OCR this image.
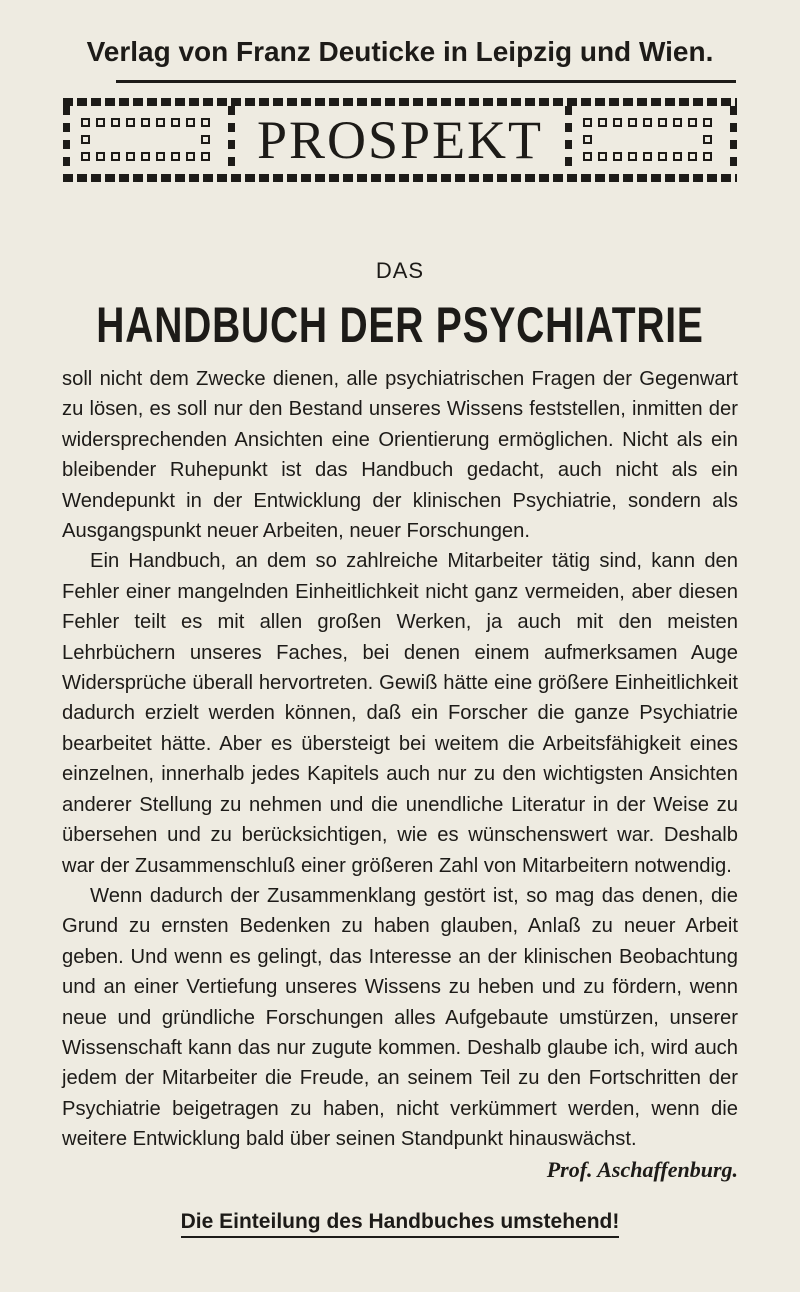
Verlag von Franz Deuticke in Leipzig und Wien.
PROSPEKT
DAS
HANDBUCH DER PSYCHIATRIE

soll nicht dem Zwecke dienen, alle psychiatrischen Fragen der Gegenwart zu lösen, es soll nur den Bestand unseres Wissens feststellen, inmitten der widersprechenden Ansichten eine Orientierung ermöglichen. Nicht als ein bleibender Ruhepunkt ist das Handbuch gedacht, auch nicht als ein Wendepunkt in der Entwicklung der klinischen Psychiatrie, sondern als Ausgangspunkt neuer Arbeiten, neuer Forschungen.

Ein Handbuch, an dem so zahlreiche Mitarbeiter tätig sind, kann den Fehler einer mangelnden Einheitlichkeit nicht ganz vermeiden, aber diesen Fehler teilt es mit allen großen Werken, ja auch mit den meisten Lehrbüchern unseres Faches, bei denen einem aufmerksamen Auge Widersprüche überall hervortreten. Gewiß hätte eine größere Einheitlichkeit dadurch erzielt werden können, daß ein Forscher die ganze Psychiatrie bearbeitet hätte. Aber es übersteigt bei weitem die Arbeitsfähigkeit eines einzelnen, innerhalb jedes Kapitels auch nur zu den wichtigsten Ansichten anderer Stellung zu nehmen und die unendliche Literatur in der Weise zu übersehen und zu berücksichtigen, wie es wünschenswert war. Deshalb war der Zusammenschluß einer größeren Zahl von Mitarbeitern notwendig.

Wenn dadurch der Zusammenklang gestört ist, so mag das denen, die Grund zu ernsten Bedenken zu haben glauben, Anlaß zu neuer Arbeit geben. Und wenn es gelingt, das Interesse an der klinischen Beobachtung und an einer Vertiefung unseres Wissens zu heben und zu fördern, wenn neue und gründliche Forschungen alles Aufgebaute umstürzen, unserer Wissenschaft kann das nur zugute kommen. Deshalb glaube ich, wird auch jedem der Mitarbeiter die Freude, an seinem Teil zu den Fortschritten der Psychiatrie beigetragen zu haben, nicht verkümmert werden, wenn die weitere Entwicklung bald über seinen Standpunkt hinauswächst.

Prof. Aschaffenburg.

Die Einteilung des Handbuches umstehend!
